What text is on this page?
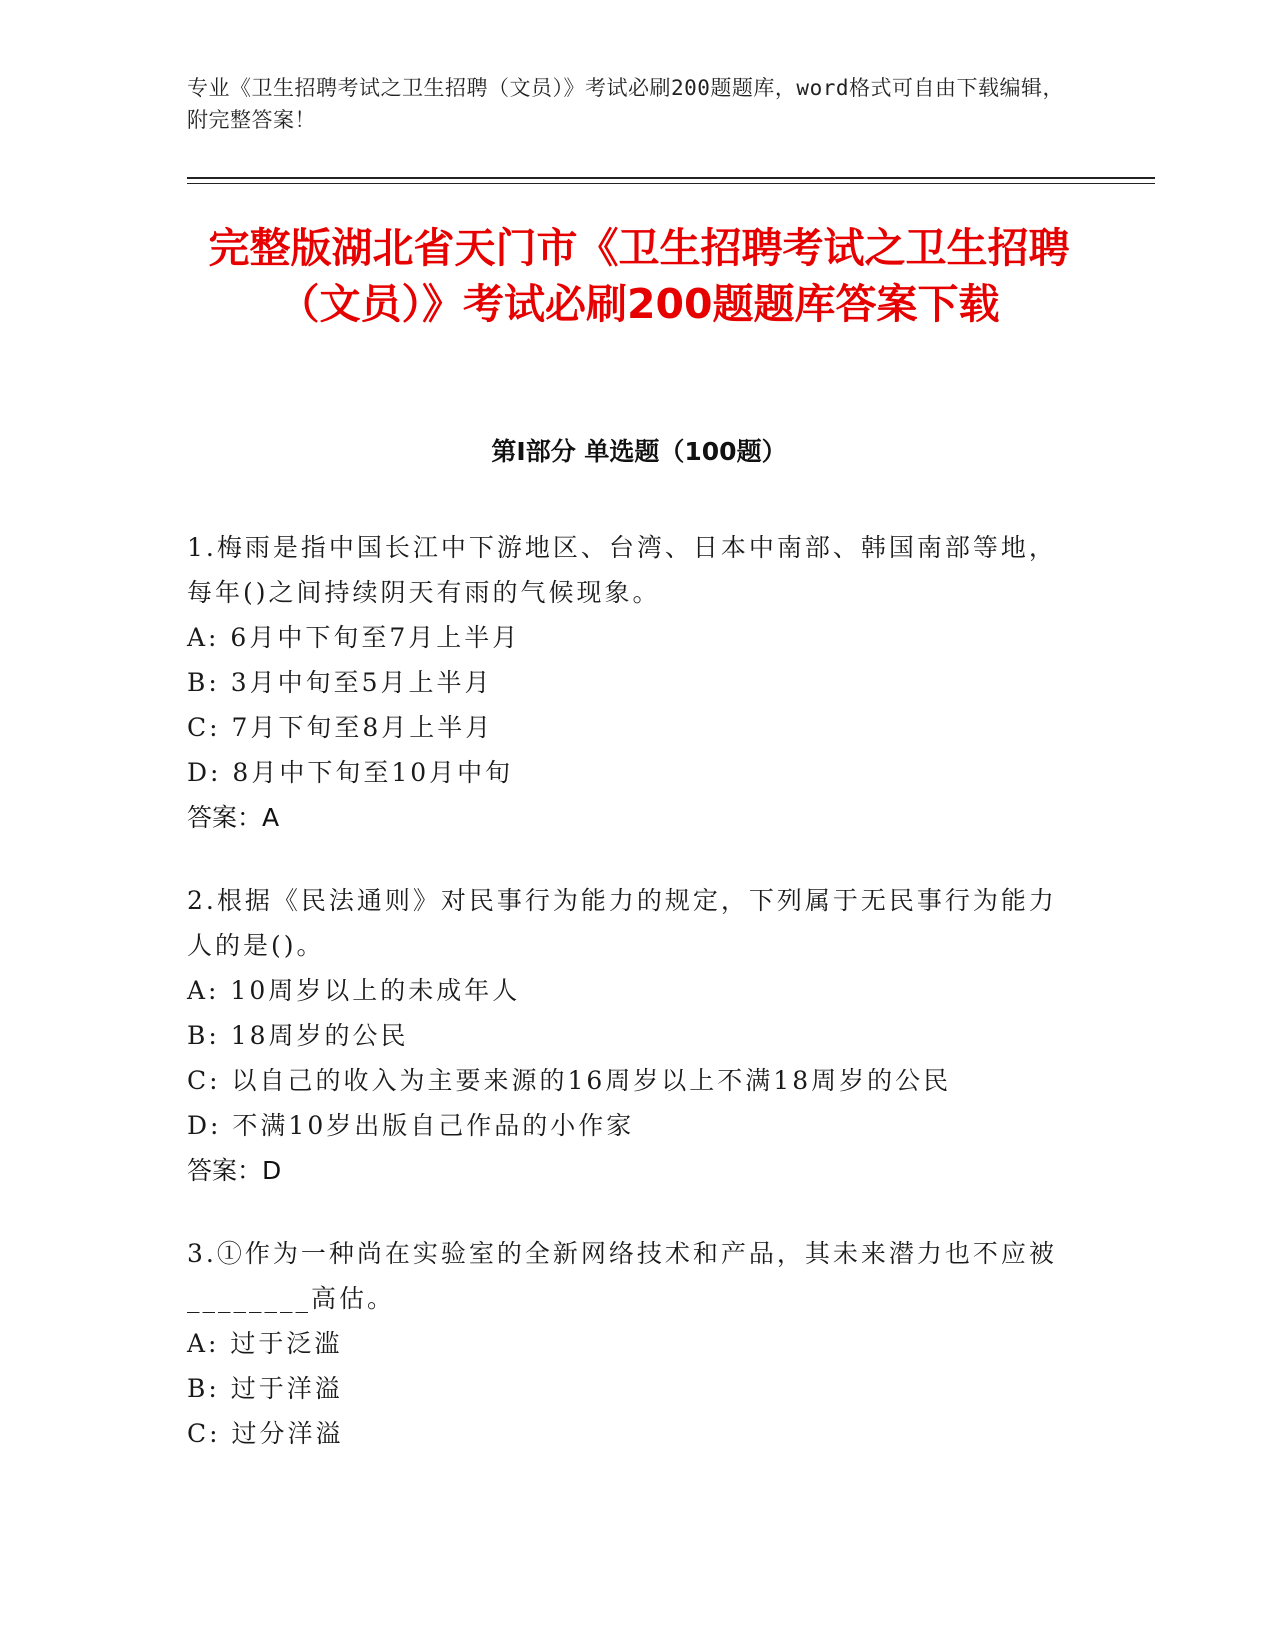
专业《卫生招聘考试之卫生招聘（文员）》考试必刷200题题库，word格式可自由下载编辑，附完整答案！
完整版湖北省天门市《卫生招聘考试之卫生招聘（文员）》考试必刷200题题库答案下载
第I部分 单选题（100题）

1.梅雨是指中国长江中下游地区、台湾、日本中南部、韩国南部等地，每年()之间持续阴天有雨的气候现象。

A: 6月中下旬至7月上半月

B: 3月中旬至5月上半月

C: 7月下旬至8月上半月

D: 8月中下旬至10月中旬

答案：A

2.根据《民法通则》对民事行为能力的规定，下列属于无民事行为能力人的是()。

A: 10周岁以上的未成年人

B: 18周岁的公民

C: 以自己的收入为主要来源的16周岁以上不满18周岁的公民

D: 不满10岁出版自己作品的小作家

答案：D

3.①作为一种尚在实验室的全新网络技术和产品，其未来潜力也不应被________高估。

A: 过于泛滥

B: 过于洋溢

C: 过分洋溢
